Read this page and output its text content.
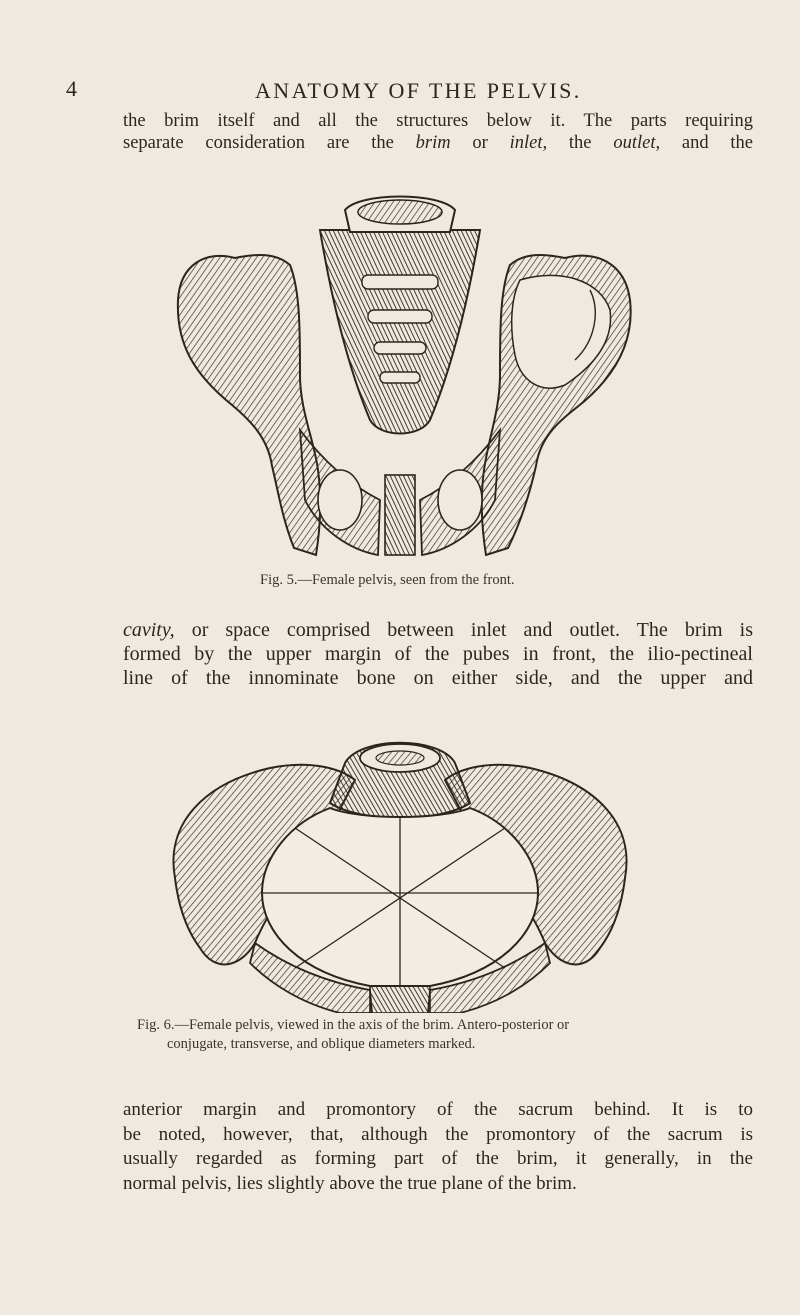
4	ANATOMY OF THE PELVIS.
the brim itself and all the structures below it. The parts requiring
separate consideration are the brim or inlet, the outlet, and the
Fig. 5.—Female pelvis, seen from the front.
cavity, or space comprised between inlet and outlet. The brim is
formed by the upper margin of the pubes in front, the ilio-pectineal
line of the innominate bone on either side, and the upper and
Fig. 6.—Female pelvis, viewed in the axis of the brim. Antero-posterior or
conjugate, transverse, and oblique diameters marked.
anterior margin and promontory of the sacrum behind. It is to
be noted, however, that, although the promontory of the sacrum is
usually regarded as forming part of the brim, it generally, in the
normal pelvis, lies slightly above the true plane of the brim.
